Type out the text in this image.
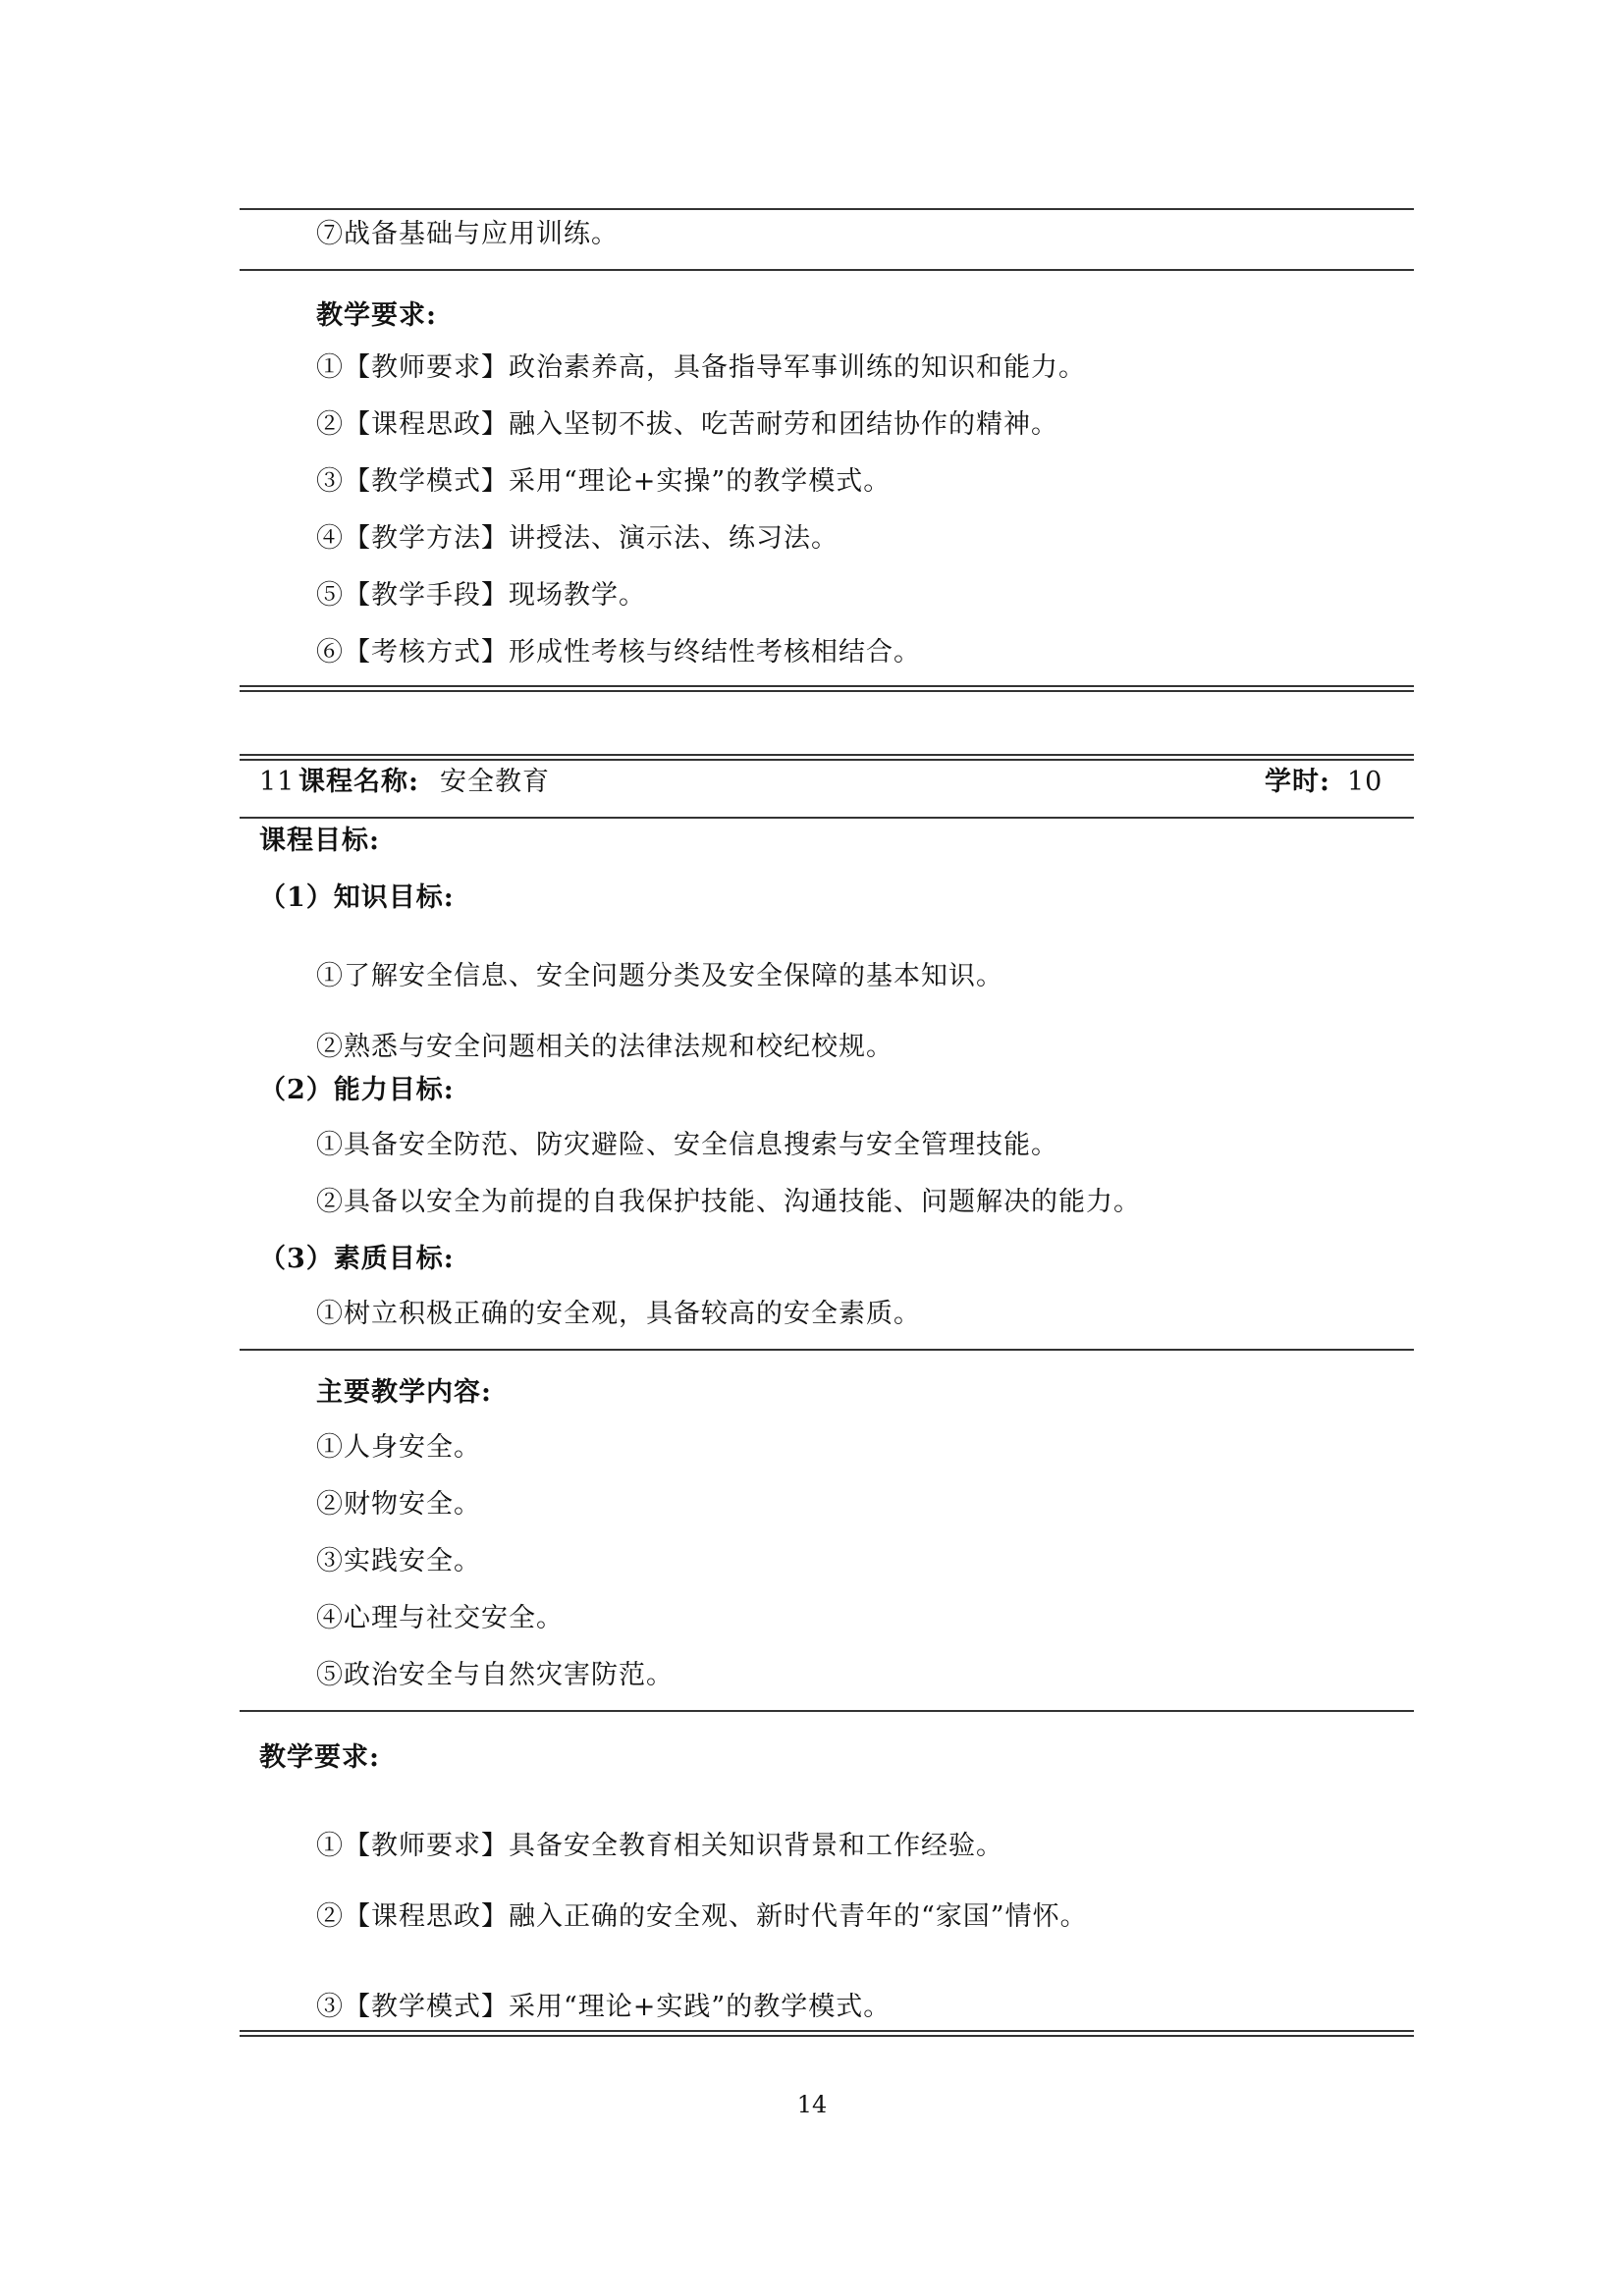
⑦战备基础与应用训练。
教学要求:
①【教师要求】政治素养高，具备指导军事训练的知识和能力。
②【课程思政】融入坚韧不拔、吃苦耐劳和团结协作的精神。
③【教学模式】采用“理论+实操”的教学模式。
④【教学方法】讲授法、演示法、练习法。
⑤【教学手段】现场教学。
⑥【考核方式】形成性考核与终结性考核相结合。
11 课程名称: 安全教育	学时: 10
课程目标:
（1）知识目标:
①了解安全信息、安全问题分类及安全保障的基本知识。
②熟悉与安全问题相关的法律法规和校纪校规。
（2）能力目标:
①具备安全防范、防灾避险、安全信息搜索与安全管理技能。
②具备以安全为前提的自我保护技能、沟通技能、问题解决的能力。
（3）素质目标:
①树立积极正确的安全观，具备较高的安全素质。
主要教学内容:
①人身安全。
②财物安全。
③实践安全。
④心理与社交安全。
⑤政治安全与自然灾害防范。
教学要求:
①【教师要求】具备安全教育相关知识背景和工作经验。
②【课程思政】融入正确的安全观、新时代青年的“家国”情怀。
③【教学模式】采用“理论+实践”的教学模式。
14
